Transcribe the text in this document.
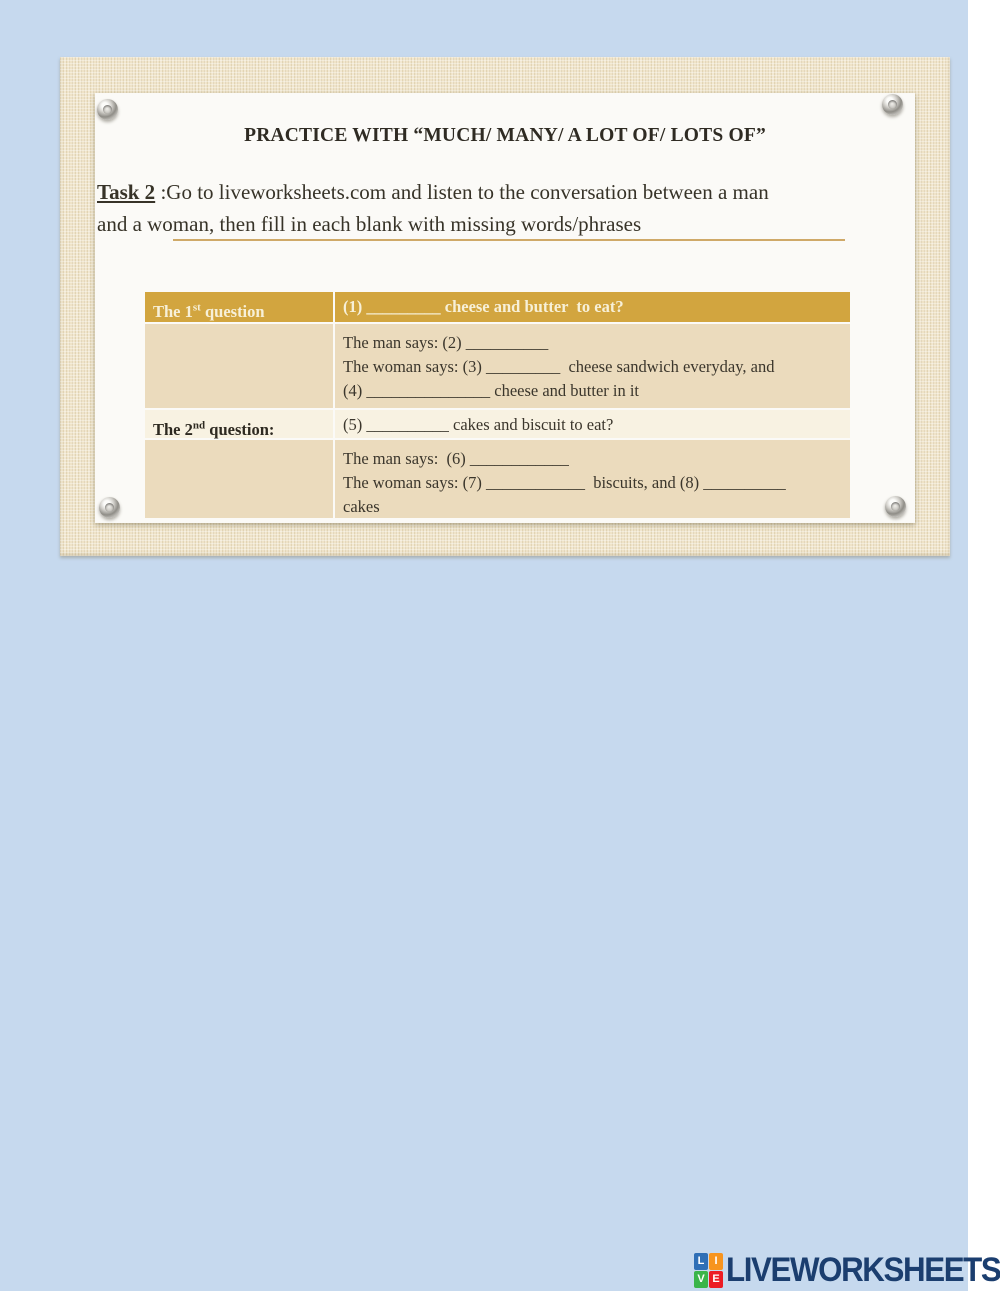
PRACTICE WITH “MUCH/ MANY/ A LOT OF/ LOTS OF”
Task 2 :Go to liveworksheets.com and listen to the conversation between a man
and a woman, then fill in each blank with missing words/phrases
The 1st question	(1) _________ cheese and butter  to eat?
The man says: (2) __________
The woman says: (3) _________  cheese sandwich everyday, and
(4) _______________ cheese and butter in it
The 2nd question:	(5) __________ cakes and biscuit to eat?
The man says:  (6) ____________
The woman says: (7) ____________  biscuits, and (8) __________
cakes
L I
V E LIVEWORKSHEETS
